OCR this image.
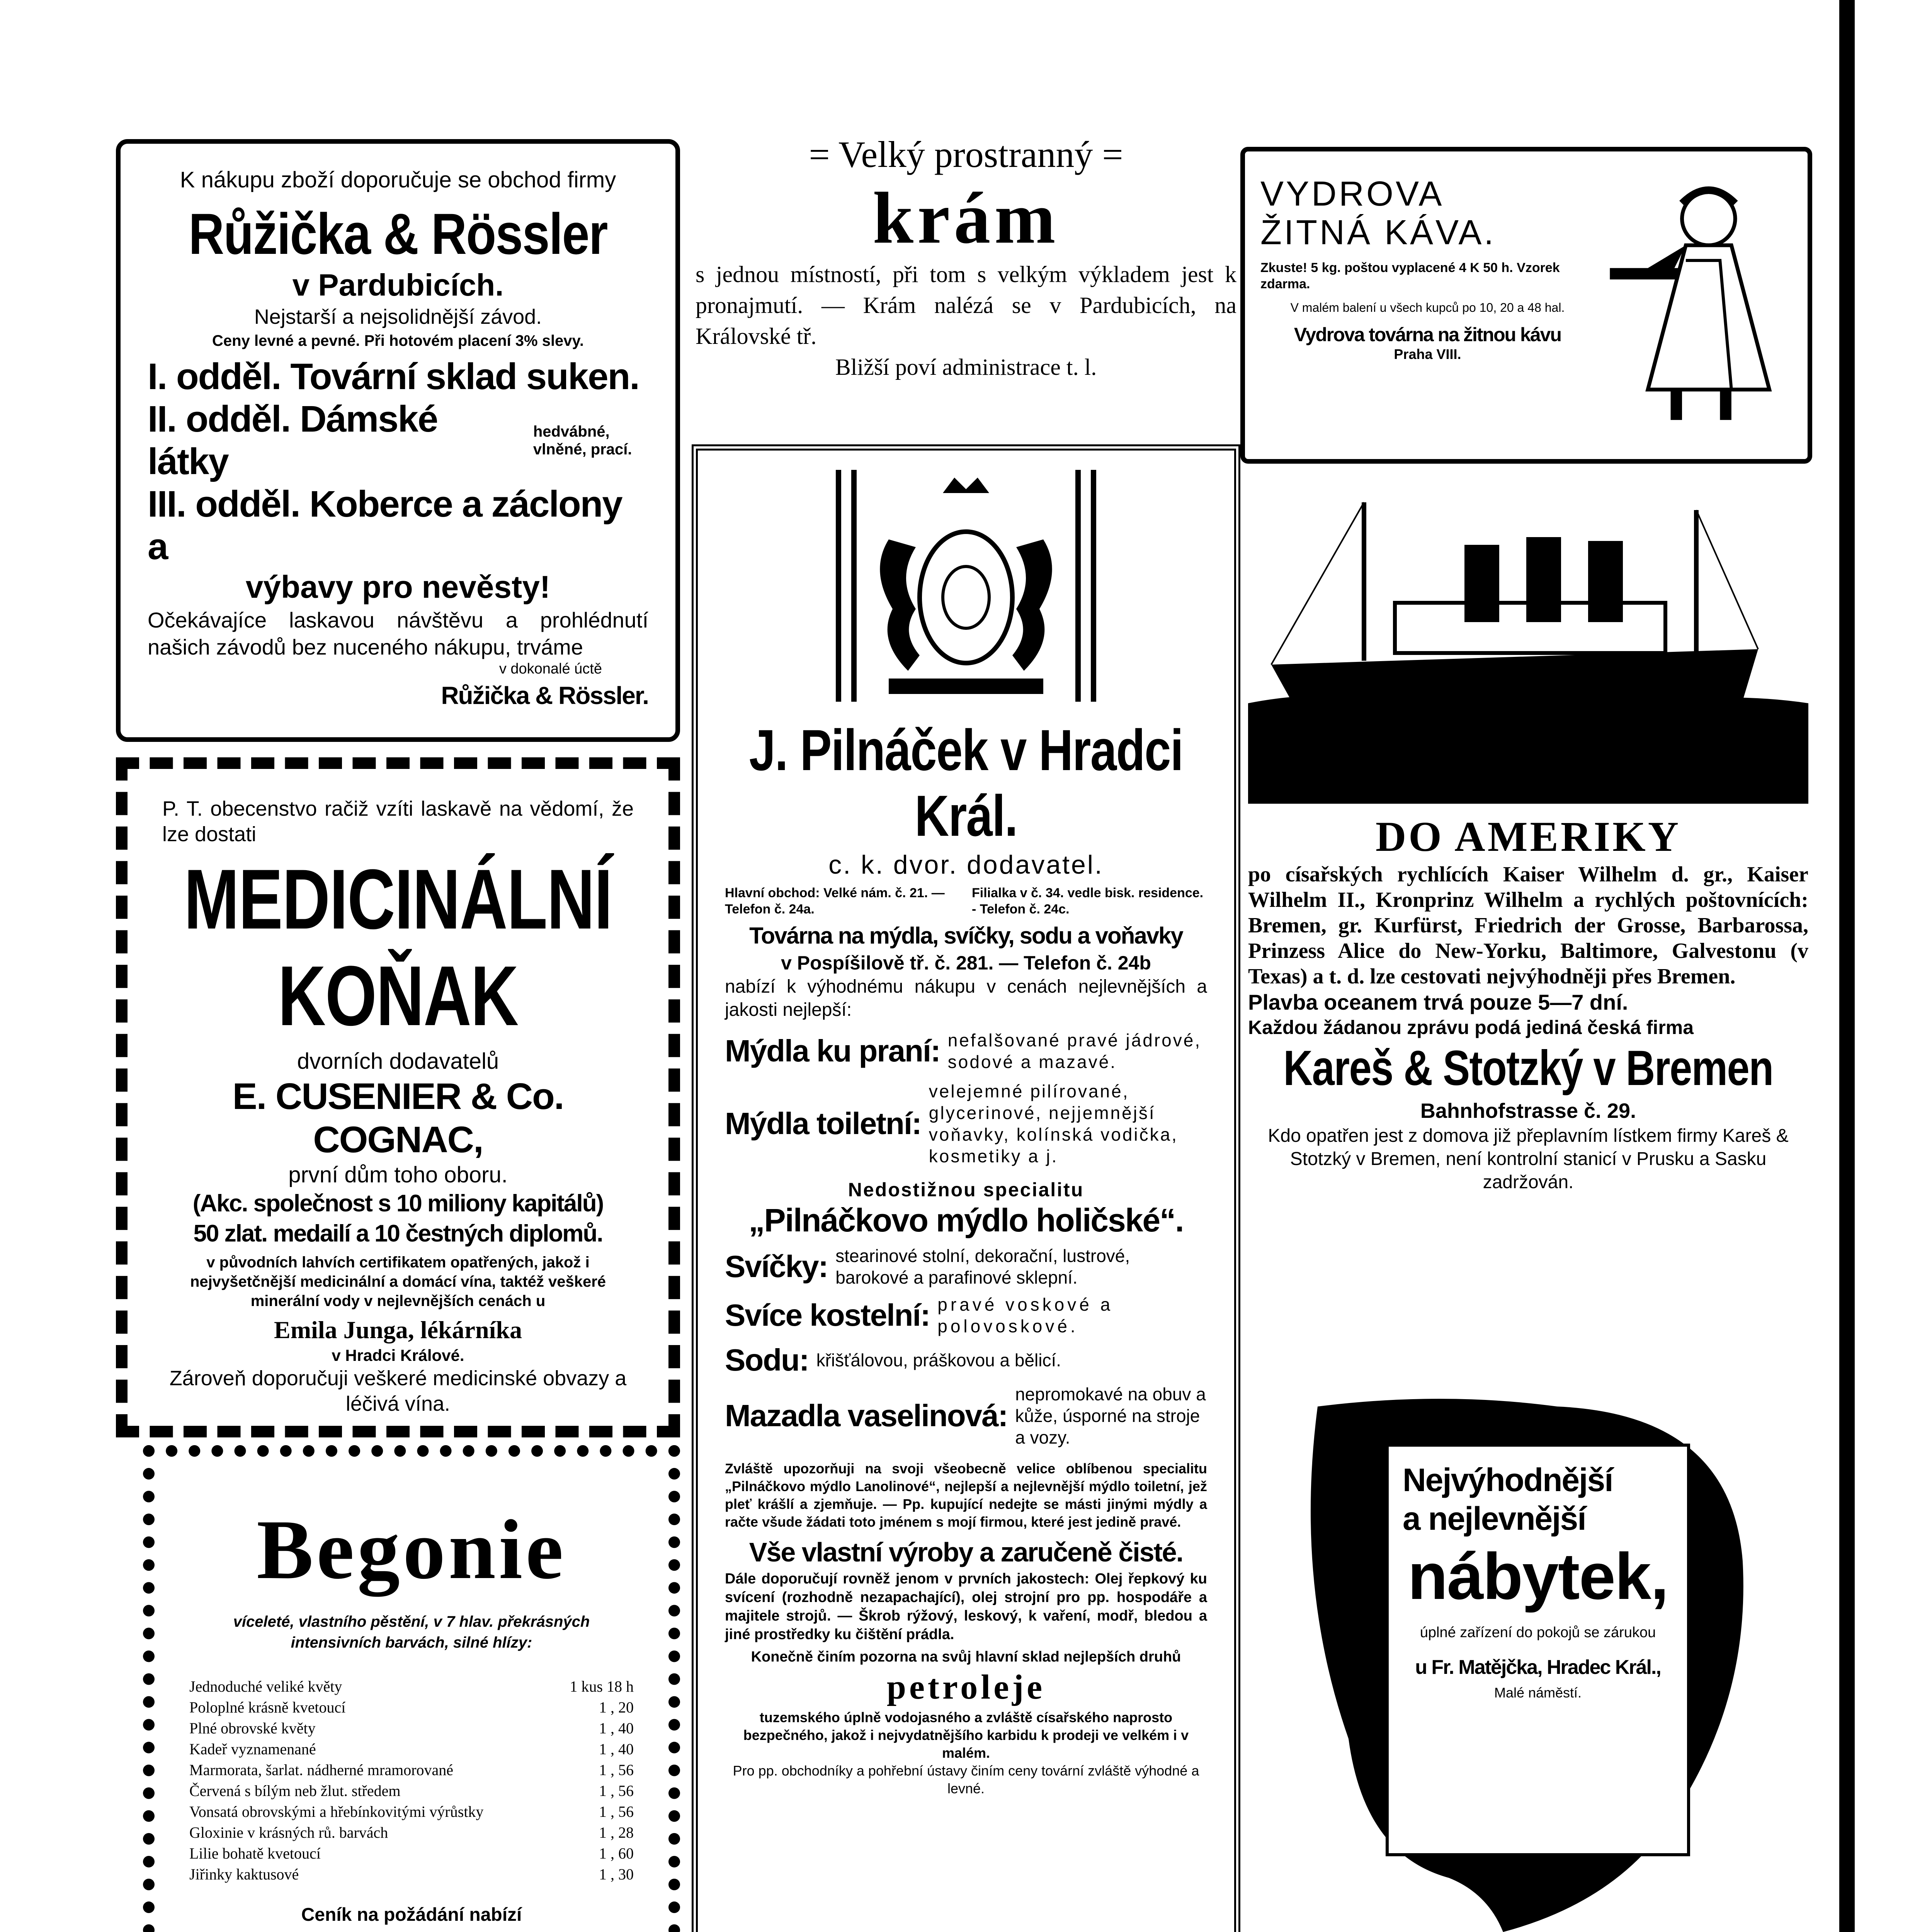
K nákupu zboží doporučuje se obchod firmy

Růžička & Rössler

v Pardubicích.

Nejstarší a nejsolidnější závod.

Ceny levné a pevné. Při hotovém placení 3% slevy.

I. odděl. Tovární sklad suken.

II. odděl. Dámské látky

hedvábné, vlněné, prací.

III. odděl. Koberce a záclony a

výbavy pro nevěsty!

Očekávajíce laskavou návštěvu a prohlédnutí našich závodů bez nuceného nákupu, trváme

v dokonalé úctě

Růžička & Rössler.

P. T. obecenstvo račiž vzíti laskavě na vědomí, že lze dostati

MEDICINÁLNÍ KOŇAK

dvorních dodavatelů

E. CUSENIER & Co. COGNAC,

první dům toho oboru.

(Akc. společnost s 10 miliony kapitálů)

50 zlat. medailí a 10 čestných diplomů.

v původních lahvích certifikatem opatřených, jakož i nejvyšetčnější medicinální a domácí vína, taktéž veškeré minerální vody v nejlevnějších cenách u

Emila Junga, lékárníka

v Hradci Králové.

Zároveň doporučuji veškeré medicinské obvazy a léčivá vína.

Begonie

víceleté, vlastního pěstění, v 7 hlav. překrásných intensivních barvách, silné hlízy:

Jednoduché veliké květy	1 kus 18 h
Poloplné krásně kvetoucí	1 , 20
Plné obrovské květy	1 , 40
Kadeř vyznamenané	1 , 40
Marmorata, šarlat. nádherné mramorované	1 , 56
Červená s bílým neb žlut. středem	1 , 56
Vonsatá obrovskými a hřebínkovitými výrůstky	1 , 56
Gloxinie v krásných rů. barvách	1 , 28
Lilie bohatě kvetoucí	1 , 60
Jiřinky kaktusové	1 , 30

Ceník na požádání nabízí

= Velký prostranný =

krám

s jednou místností, při tom s velkým výkladem jest k pronajmutí. — Krám nalézá se v Pardubicích, na Královské tř.

Bližší poví administrace t. l.

J. Pilnáček v Hradci Král.

c. k. dvor. dodavatel.

Hlavní obchod: Velké nám. č. 21. — Telefon č. 24a.

Filialka v č. 34. vedle bisk. residence. - Telefon č. 24c.

Továrna na mýdla, svíčky, sodu a voňavky

v Pospíšilově tř. č. 281. — Telefon č. 24b

nabízí k výhodnému nákupu v cenách nejlevnějších a jakosti nejlepší:

Mýdla ku praní: nefalšované pravé jádrové, sodové a mazavé.

Mýdla toiletní:

velejemné pilírované, glycerinové, nejjemnější voňavky, kolínská vodička, kosmetiky a j.

Nedostižnou specialitu

„Pilnáčkovo mýdlo holičské“.

Svíčky: stearinové stolní, dekorační, lustrové, barokové a parafinové sklepní.

Svíce kostelní: pravé voskové a polovoskové.

Sodu: křišťálovou, práškovou a bělicí.

Mazadla vaselinová:

nepromokavé na obuv a kůže, úsporné na stroje a vozy.

Zvláště upozorňuji na svoji všeobecně velice oblíbenou specialitu „Pilnáčkovo mýdlo Lanolinové“, nejlepší a nejlevnější mýdlo toiletní, jež pleť krášlí a zjemňuje. — Pp. kupující nedejte se másti jinými mýdly a račte všude žádati toto jménem s mojí firmou, které jest jedině pravé.

Vše vlastní výroby a zaručeně čisté.

Dále doporučují rovněž jenom v prvních jakostech: Olej řepkový ku svícení (rozhodně nezapachající), olej strojní pro pp. hospodáře a majitele strojů. — Škrob rýžový, leskový, k vaření, modř, bledou a jiné prostředky ku čištění prádla.

Konečně činím pozorna na svůj hlavní sklad nejlepších druhů

petroleje

tuzemského úplně vodojasného a zvláště císařského naprosto bezpečného, jakož i nejvydatnějšího karbidu k prodeji ve velkém i v malém.

Pro pp. obchodníky a pohřební ústavy činím ceny tovární zvláště výhodné a levné.

VYDROVA

ŽITNÁ KÁVA.

Zkuste! 5 kg. poštou vyplacené 4 K 50 h. Vzorek zdarma.

V malém balení u všech kupců po 10, 20 a 48 hal.

Vydrova továrna na žitnou kávu

Praha VIII.

DO AMERIKY

po císařských rychlících Kaiser Wilhelm d. gr., Kaiser Wilhelm II., Kronprinz Wilhelm a rychlých poštovnících: Bremen, gr. Kurfürst, Friedrich der Grosse, Barbarossa, Prinzess Alice do New-Yorku, Baltimore, Galvestonu (v Texas) a t. d. lze cestovati nejvýhodněji přes Bremen.

Plavba oceanem trvá pouze 5—7 dní.

Každou žádanou zprávu podá jediná česká firma

Kareš & Stotzký v Bremen

Bahnhofstrasse č. 29.

Kdo opatřen jest z domova již přeplavním lístkem firmy Kareš & Stotzký v Bremen, není kontrolní stanicí v Prusku a Sasku zadržován.

Nejvýhodnější

a nejlevnější

nábytek,

úplné zařízení do pokojů se zárukou

u Fr. Matějčka, Hradec Král.,

Malé náměstí.
